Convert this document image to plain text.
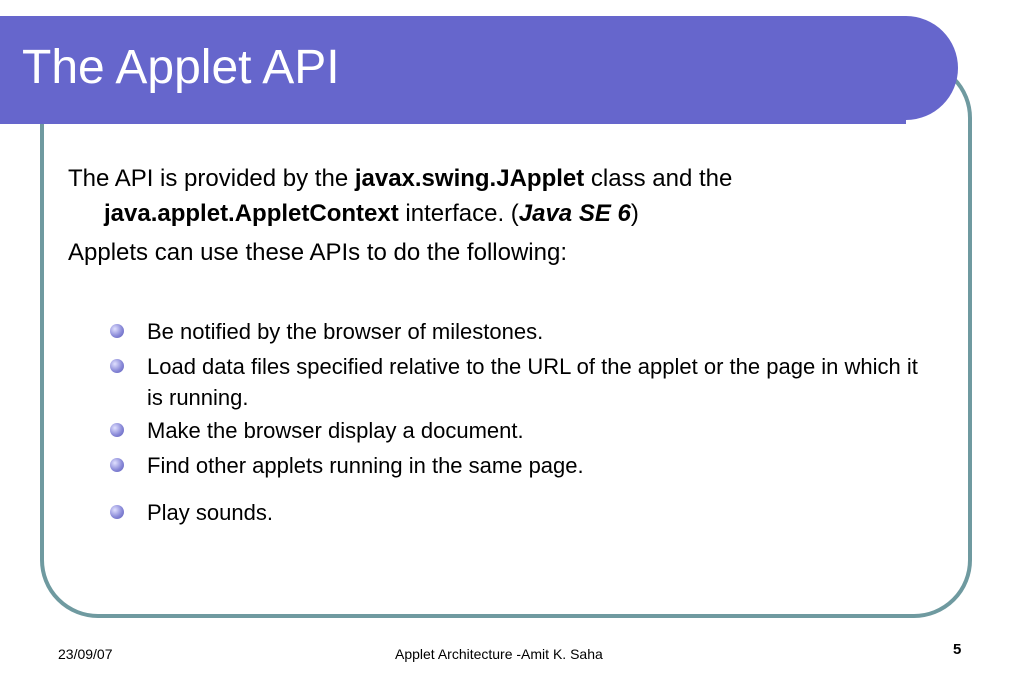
The Applet API
The API is provided by the javax.swing.JApplet class and the
java.applet.AppletContext interface. (Java SE 6)
Applets can use these APIs to do the following:
Be notified by the browser of milestones.
Load data files specified relative to the URL of the applet or the page in which it is running.
Make the browser display a document.
Find other applets running in the same page.
Play sounds.
23/09/07	Applet Architecture -Amit K. Saha	5
